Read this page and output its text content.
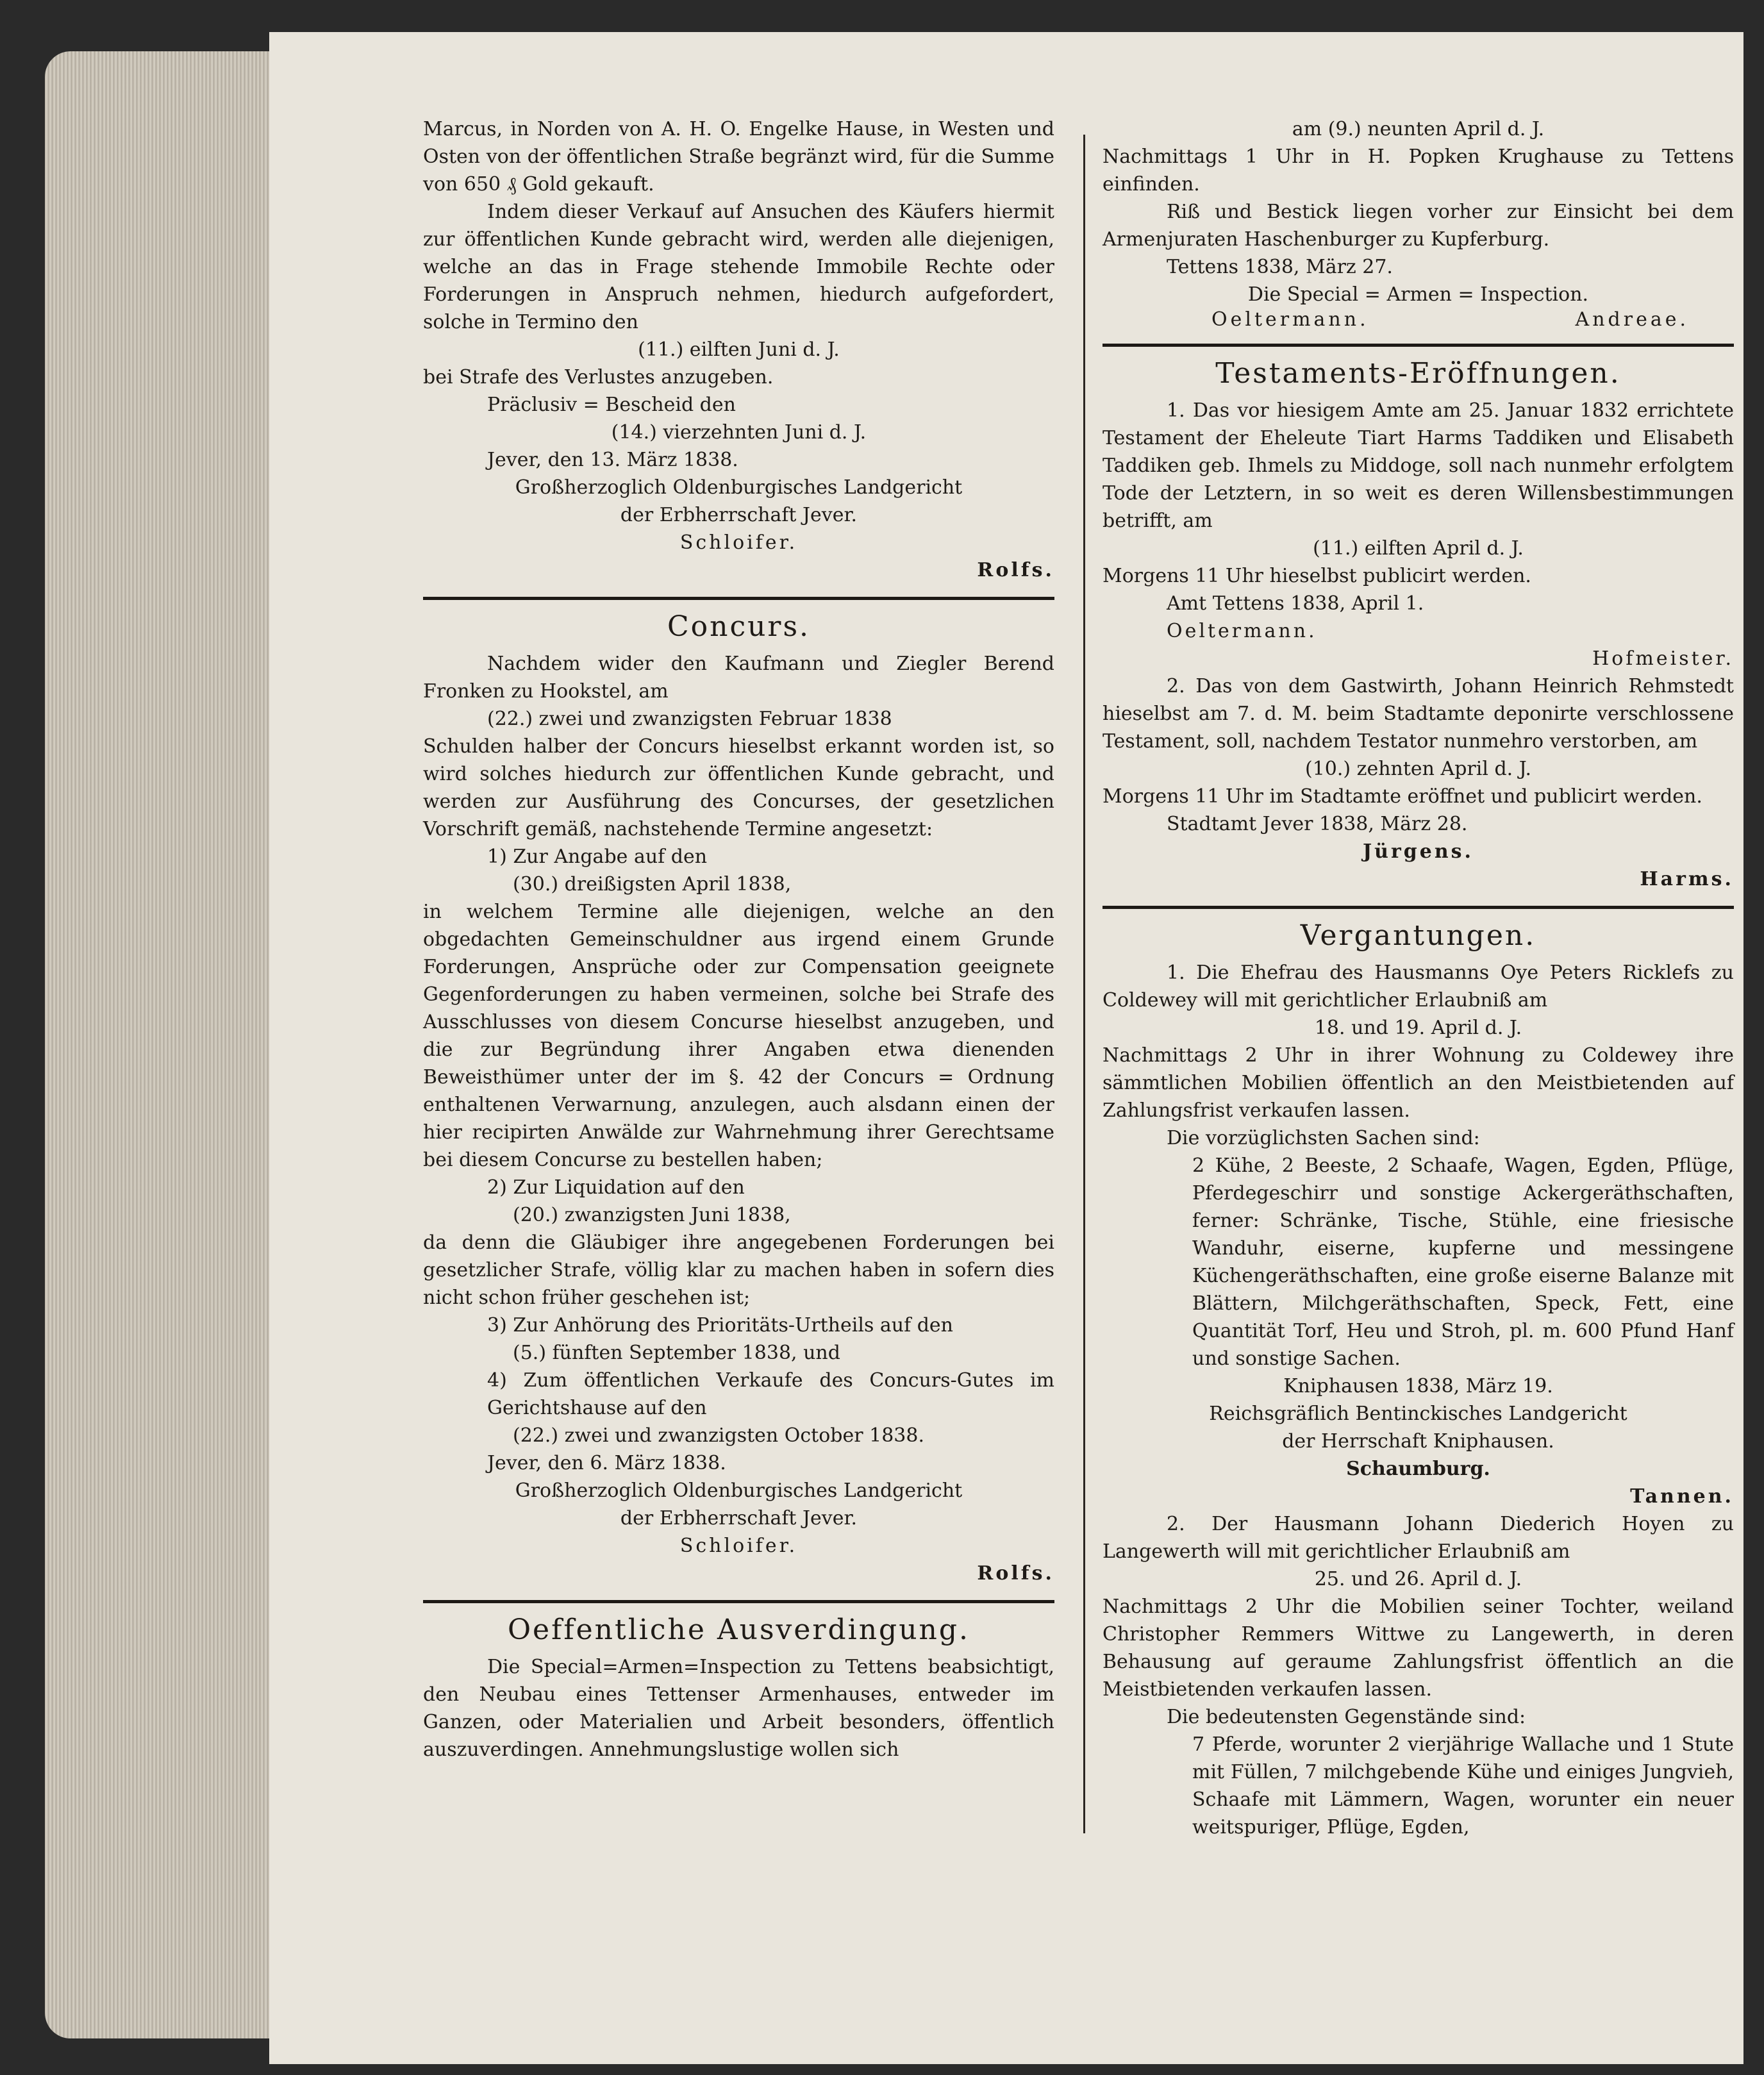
Marcus, in Norden von A. H. O. Engelke Hause, in Westen und Osten von der öffentlichen Straße begränzt wird, für die Summe von 650 ₰ Gold gekauft.

Indem dieser Verkauf auf Ansuchen des Käufers hiermit zur öffentlichen Kunde gebracht wird, werden alle diejenigen, welche an das in Frage stehende Immobile Rechte oder Forderungen in Anspruch nehmen, hiedurch aufgefordert, solche in Termino den

(11.) eilften Juni d. J.

bei Strafe des Verlustes anzugeben.

Präclusiv = Bescheid den

(14.) vierzehnten Juni d. J.

Jever, den 13. März 1838.

Großherzoglich Oldenburgisches Landgericht

der Erbherrschaft Jever.

Schloifer.

Rolfs.

Concurs.

Nachdem wider den Kaufmann und Ziegler Berend Fronken zu Hookstel, am

(22.) zwei und zwanzigsten Februar 1838

Schulden halber der Concurs hieselbst erkannt worden ist, so wird solches hiedurch zur öffentlichen Kunde gebracht, und werden zur Ausführung des Concurses, der gesetzlichen Vorschrift gemäß, nachstehende Termine angesetzt:

1) Zur Angabe auf den

(30.) dreißigsten April 1838,

in welchem Termine alle diejenigen, welche an den obgedachten Gemeinschuldner aus irgend einem Grunde Forderungen, Ansprüche oder zur Compensation geeignete Gegenforderungen zu haben vermeinen, solche bei Strafe des Ausschlusses von diesem Concurse hieselbst anzugeben, und die zur Begründung ihrer Angaben etwa dienenden Beweisthümer unter der im §. 42 der Concurs = Ordnung enthaltenen Verwarnung, anzulegen, auch alsdann einen der hier recipirten Anwälde zur Wahrnehmung ihrer Gerechtsame bei diesem Concurse zu bestellen haben;

2) Zur Liquidation auf den

(20.) zwanzigsten Juni 1838,

da denn die Gläubiger ihre angegebenen Forderungen bei gesetzlicher Strafe, völlig klar zu machen haben in sofern dies nicht schon früher geschehen ist;

3) Zur Anhörung des Prioritäts-Urtheils auf den

(5.) fünften September 1838, und

4) Zum öffentlichen Verkaufe des Concurs-Gutes im Gerichtshause auf den

(22.) zwei und zwanzigsten October 1838.

Jever, den 6. März 1838.

Großherzoglich Oldenburgisches Landgericht

der Erbherrschaft Jever.

Schloifer.

Rolfs.

Oeffentliche Ausverdingung.

Die Special=Armen=Inspection zu Tettens beabsichtigt, den Neubau eines Tettenser Armenhauses, entweder im Ganzen, oder Materialien und Arbeit besonders, öffentlich auszuverdingen. Annehmungslustige wollen sich

am (9.) neunten April d. J.

Nachmittags 1 Uhr in H. Popken Krughause zu Tettens einfinden.

Riß und Bestick liegen vorher zur Einsicht bei dem Armenjuraten Haschenburger zu Kupferburg.

Tettens 1838, März 27.

Die Special = Armen = Inspection.

Oeltermann.	Andreae.
Testaments-Eröffnungen.

1. Das vor hiesigem Amte am 25. Januar 1832 errichtete Testament der Eheleute Tiart Harms Taddiken und Elisabeth Taddiken geb. Ihmels zu Middoge, soll nach nunmehr erfolgtem Tode der Letztern, in so weit es deren Willensbestimmungen betrifft, am

(11.) eilften April d. J.

Morgens 11 Uhr hieselbst publicirt werden.

Amt Tettens 1838, April 1.

Oeltermann.

Hofmeister.

2. Das von dem Gastwirth, Johann Heinrich Rehmstedt hieselbst am 7. d. M. beim Stadtamte deponirte verschlossene Testament, soll, nachdem Testator nunmehro verstorben, am

(10.) zehnten April d. J.

Morgens 11 Uhr im Stadtamte eröffnet und publicirt werden.

Stadtamt Jever 1838, März 28.

Jürgens.

Harms.

Vergantungen.

1. Die Ehefrau des Hausmanns Oye Peters Ricklefs zu Coldewey will mit gerichtlicher Erlaubniß am

18. und 19. April d. J.

Nachmittags 2 Uhr in ihrer Wohnung zu Coldewey ihre sämmtlichen Mobilien öffentlich an den Meistbietenden auf Zahlungsfrist verkaufen lassen.

Die vorzüglichsten Sachen sind:

2 Kühe, 2 Beeste, 2 Schaafe, Wagen, Egden, Pflüge, Pferdegeschirr und sonstige Ackergeräthschaften, ferner: Schränke, Tische, Stühle, eine friesische Wanduhr, eiserne, kupferne und messingene Küchengeräthschaften, eine große eiserne Balanze mit Blättern, Milchgeräthschaften, Speck, Fett, eine Quantität Torf, Heu und Stroh, pl. m. 600 Pfund Hanf und sonstige Sachen.

Kniphausen 1838, März 19.

Reichsgräflich Bentinckisches Landgericht

der Herrschaft Kniphausen.

Schaumburg.

Tannen.

2. Der Hausmann Johann Diederich Hoyen zu Langewerth will mit gerichtlicher Erlaubniß am

25. und 26. April d. J.

Nachmittags 2 Uhr die Mobilien seiner Tochter, weiland Christopher Remmers Wittwe zu Langewerth, in deren Behausung auf geraume Zahlungsfrist öffentlich an die Meistbietenden verkaufen lassen.

Die bedeutensten Gegenstände sind:

7 Pferde, worunter 2 vierjährige Wallache und 1 Stute mit Füllen, 7 milchgebende Kühe und einiges Jungvieh, Schaafe mit Lämmern, Wagen, worunter ein neuer weitspuriger, Pflüge, Egden,
